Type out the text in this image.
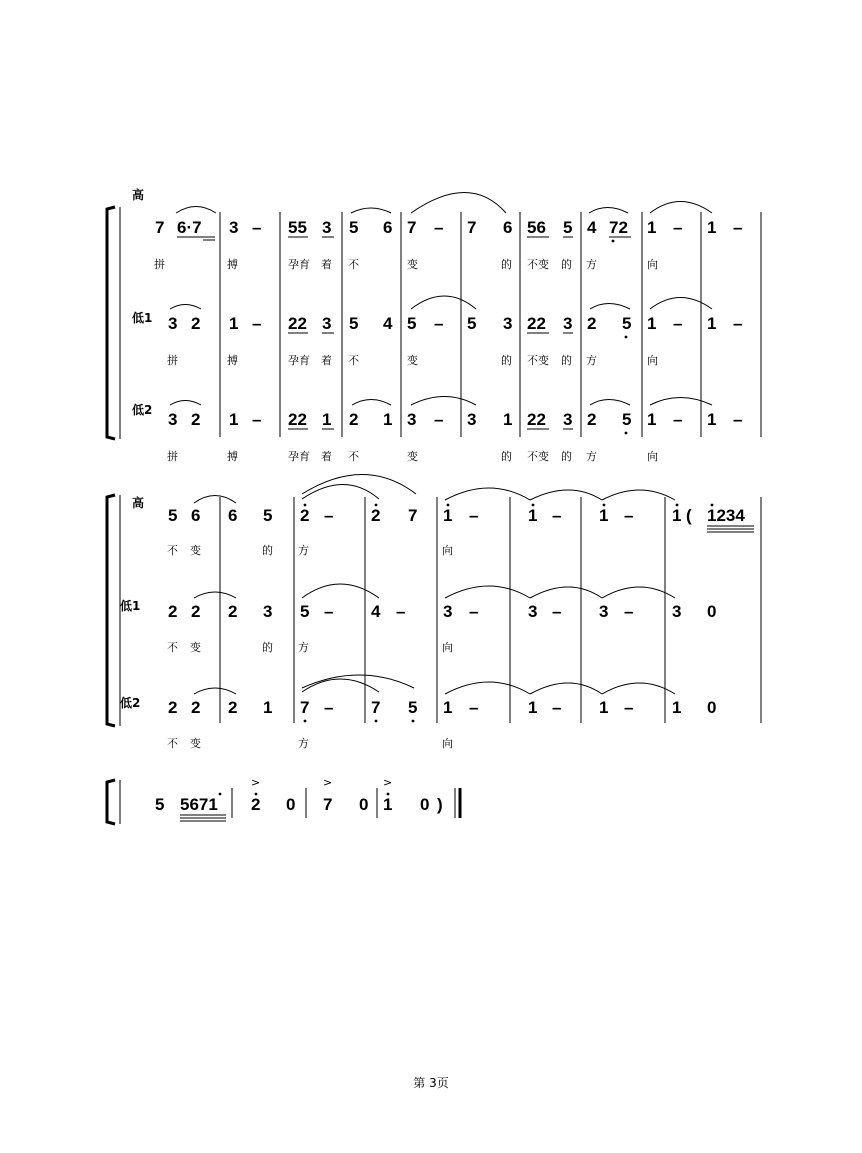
高
低1
低2
7 6·7 3 – 55 3 5 6 7 – 7 6 56 5 4 72 1 – 1 –
拼	搏	孕育 着 不	变	的 不变 的 方	向
3 2 1 – 22 3 5 4 5 – 5 3 22 3 2 5 1 – 1 –
拼	搏	孕育 着 不	变	的 不变 的 方	向
3 2 1 – 22 1 2 1 3 – 3 1 22 3 2 5 1 – 1 –
拼	搏	孕育 着 不	变	的 不变 的 方	向
高
低1
低2
5 6 6 5 2 – 2 7 1 –	1 – 1 – 1 ( 1234
不 变	的 方	向
2 2 2 3 5 – 4 – 3 –	3 – 3 – 3 0
不 变	的 方	向
2 2 2 1 7 – 7 5 1 –	1 – 1 – 1 0
不 变	方	向
>	>	>
5 5671 2 0 7 0 1 0 )
第 3页
